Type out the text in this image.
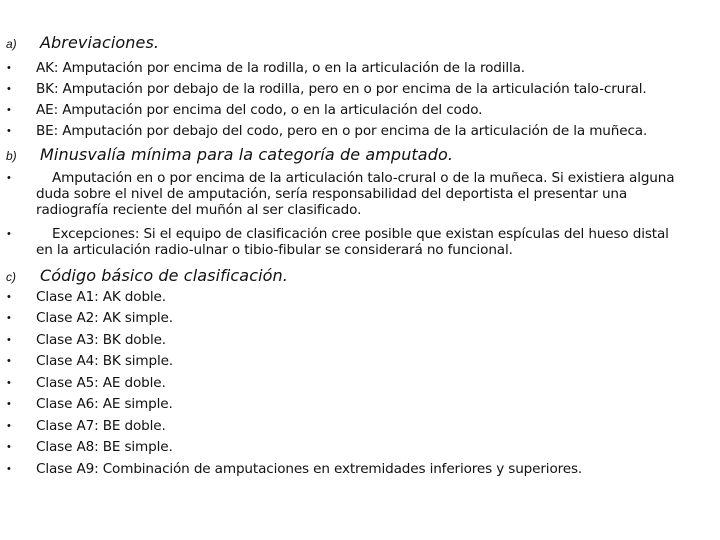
a)	Abreviaciones.
•	AK: Amputación por encima de la rodilla, o en la articulación de la rodilla.
•	BK: Amputación por debajo de la rodilla, pero en o por encima de la articulación talo-crural.
•	AE: Amputación por encima del codo, o en la articulación del codo.
•	BE: Amputación por debajo del codo, pero en o por encima de la articulación de la muñeca.
b)	Minusvalía mínima para la categoría de amputado.
•	Amputación en o por encima de la articulación talo-crural o de la muñeca. Si existiera alguna duda sobre el nivel de amputación, sería responsabilidad del deportista el presentar una radiografía reciente del muñón al ser clasificado.
•	Excepciones: Si el equipo de clasificación cree posible que existan espículas del hueso distal en la articulación radio-ulnar o tibio-fibular se considerará no funcional.
c)	Código básico de clasificación.
•	Clase A1: AK doble.
•	Clase A2: AK simple.
•	Clase A3: BK doble.
•	Clase A4: BK simple.
•	Clase A5: AE doble.
•	Clase A6: AE simple.
•	Clase A7: BE doble.
•	Clase A8: BE simple.
•	Clase A9: Combinación de amputaciones en extremidades inferiores y superiores.
